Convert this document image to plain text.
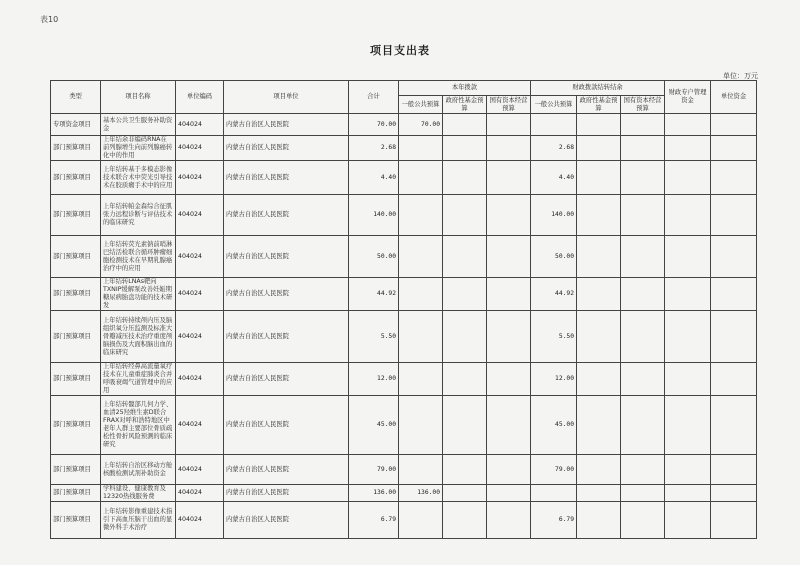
表10
项目支出表
单位：万元
类型	项目名称	单位编码	项目单位	合计	本年拨款			财政拨款结转结余			财政专户管理资金	单位资金
					一般公共预算	政府性基金预算	国有资本经营预算	一般公共预算	政府性基金预算	国有资本经营预算		
专项资金项目	基本公共卫生服务补助资金	404024	内蒙古自治区人民医院	70.00	70.00							
部门预算项目	上年结余非编码RNA在前列腺增生向前列腺癌转化中的作用	404024	内蒙古自治区人民医院	2.68				2.68				
部门预算项目	上年结转基于多模态影像技术联合术中荧光引导技术在胶质瘤手术中的应用	404024	内蒙古自治区人民医院	4.40				4.40				
部门预算项目	上年结转帕金森综合征肌张力远程诊断与评估技术的临床研究	404024	内蒙古自治区人民医院	140.00				140.00				
部门预算项目	上年结转荧光素钠前哨淋巴结活检联合循环肿瘤细胞检测技术在早期乳腺癌治疗中的应用	404024	内蒙古自治区人民医院	50.00				50.00				
部门预算项目	上年结转LNAs靶向TXNIP缓解泵改善妊娠期糖尿病胎盘功能的技术研发	404024	内蒙古自治区人民医院	44.92				44.92				
部门预算项目	上年结转持续颅内压及脑组织氧分压监测及标准大骨瓣减压技术治疗重度颅脑损伤及大面积脑出血的临床研究	404024	内蒙古自治区人民医院	5.50				5.50				
部门预算项目	上年结转经鼻高流量氧疗技术在儿童重症肺炎合并呼吸衰竭气道管理中的应用	404024	内蒙古自治区人民医院	12.00				12.00				
部门预算项目	上年结转髋部几何力学、血清25羟维生素D联合FRAX对呼和浩特地区中老年人群主要部位骨质疏松性骨折风险预测的临床研究	404024	内蒙古自治区人民医院	45.00				45.00				
部门预算项目	上年结转自治区移动方舱核酸检测试剂补助资金	404024	内蒙古自治区人民医院	79.00				79.00				
部门预算项目	学科建设、健康教育及12320热线服务费	404024	内蒙古自治区人民医院	136.00	136.00							
部门预算项目	上年结转影像重建技术指引下高血压脑干出血的显微外科手术治疗	404024	内蒙古自治区人民医院	6.79				6.79				
